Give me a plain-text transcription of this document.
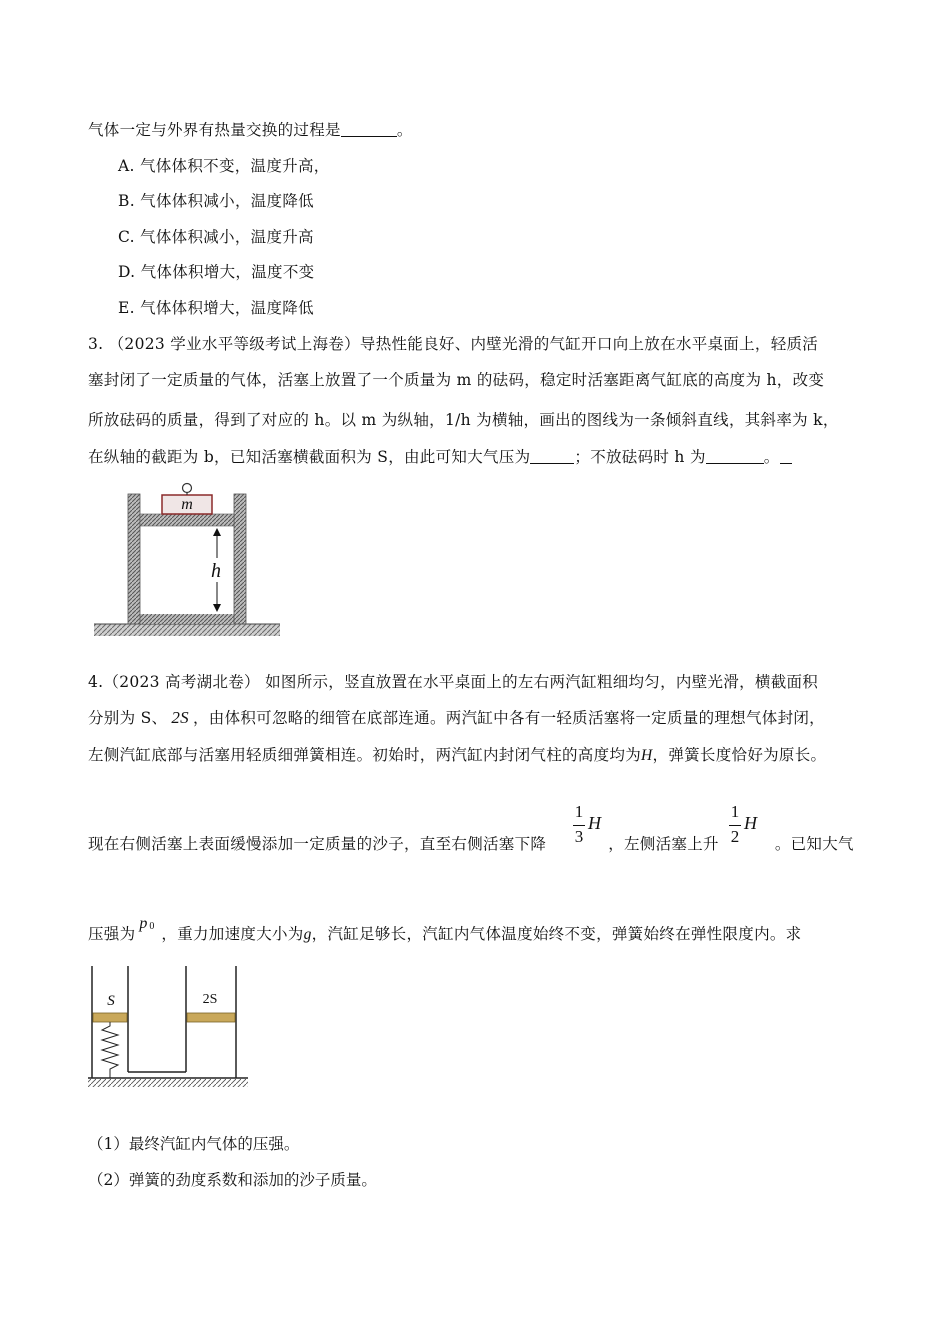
气体一定与外界有热量交换的过程是	。
A. 气体体积不变，温度升高，
B. 气体体积减小，温度降低
C. 气体体积减小，温度升高
D. 气体体积增大，温度不变
E. 气体体积增大，温度降低
3. （2023 学业水平等级考试上海卷）导热性能良好、内壁光滑的气缸开口向上放在水平桌面上，轻质活
塞封闭了一定质量的气体，活塞上放置了一个质量为 m 的砝码，稳定时活塞距离气缸底的高度为 h，改变
所放砝码的质量，得到了对应的 h。以 m 为纵轴，1/h 为横轴，画出的图线为一条倾斜直线，其斜率为 k，
在纵轴的截距为 b，已知活塞横截面积为 S，由此可知大气压为	；不放砝码时 h 为	。
m
h
4.（2023 高考湖北卷） 如图所示，竖直放置在水平桌面上的左右两汽缸粗细均匀，内壁光滑，横截面积
分别为 S、 2S ，由体积可忽略的细管在底部连通。两汽缸中各有一轻质活塞将一定质量的理想气体封闭，
左侧汽缸底部与活塞用轻质细弹簧相连。初始时，两汽缸内封闭气柱的高度均为H，弹簧长度恰好为原长。
现在右侧活塞上表面缓慢添加一定质量的沙子，直至右侧活塞下降	，左侧活塞上升	。已知大气
1
3
H
1
2
H
压强为
p 0 ，重力加速度大小为g，汽缸足够长，汽缸内气体温度始终不变，弹簧始终在弹性限度内。求
S	2S
（1）最终汽缸内气体的压强。
（2）弹簧的劲度系数和添加的沙子质量。
